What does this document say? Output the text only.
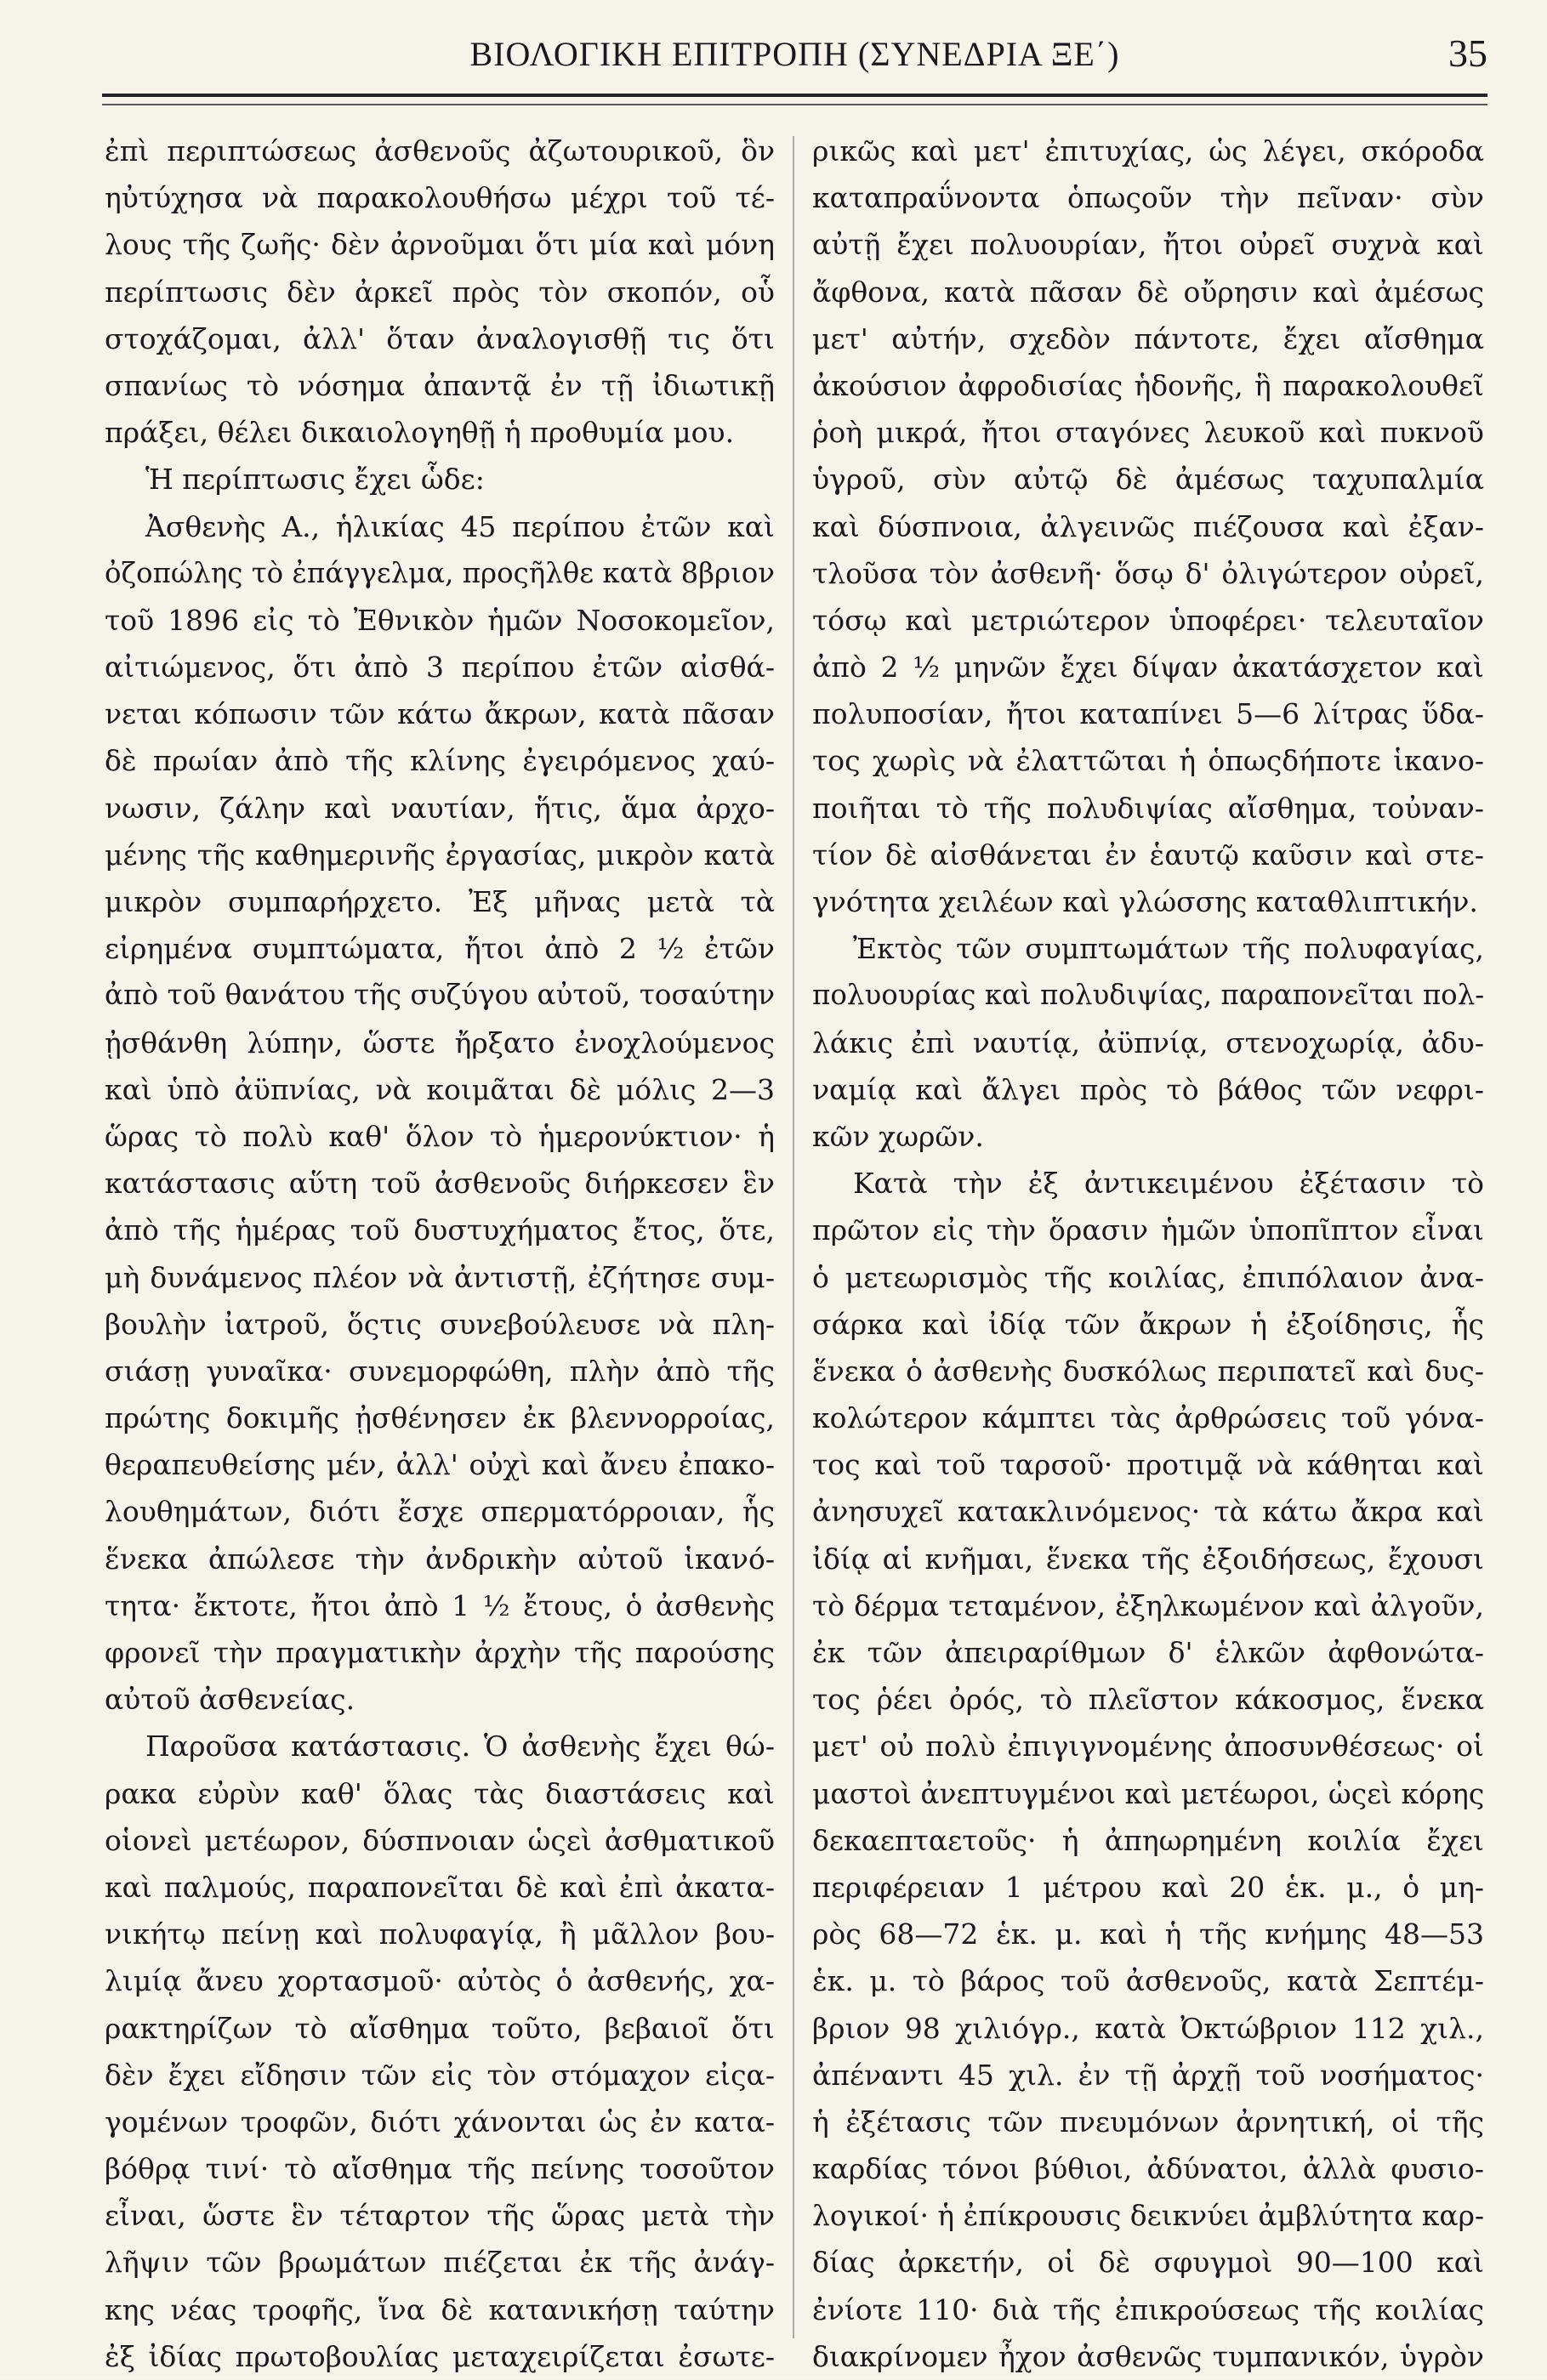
ΒΙΟΛΟΓΙΚΗ ΕΠΙΤΡΟΠΗ (ΣΥΝΕΔΡΙΑ ΞΕ΄)	35
ἐπὶ περιπτώσεως ἀσθενοῦς ἀζωτουρικοῦ, ὃν
ηὐτύχησα νὰ παρακολουθήσω μέχρι τοῦ τέ-
λους τῆς ζωῆς· δὲν ἀρνοῦμαι ὅτι μία καὶ μόνη
περίπτωσις δὲν ἀρκεῖ πρὸς τὸν σκοπόν, οὗ
στοχάζομαι, ἀλλ' ὅταν ἀναλογισθῇ τις ὅτι
σπανίως τὸ νόσημα ἀπαντᾷ ἐν τῇ ἰδιωτικῇ
πράξει, θέλει δικαιολογηθῇ ἡ προθυμία μου.
Ἡ περίπτωσις ἔχει ὧδε:
Ἀσθενὴς Α., ἡλικίας 45 περίπου ἐτῶν καὶ
ὀζοπώλης τὸ ἐπάγγελμα, προςῆλθε κατὰ 8βριον
τοῦ 1896 εἰς τὸ Ἐθνικὸν ἡμῶν Νοσοκομεῖον,
αἰτιώμενος, ὅτι ἀπὸ 3 περίπου ἐτῶν αἰσθά-
νεται κόπωσιν τῶν κάτω ἄκρων, κατὰ πᾶσαν
δὲ πρωίαν ἀπὸ τῆς κλίνης ἐγειρόμενος χαύ-
νωσιν, ζάλην καὶ ναυτίαν, ἥτις, ἅμα ἀρχο-
μένης τῆς καθημερινῆς ἐργασίας, μικρὸν κατὰ
μικρὸν συμπαρήρχετο. Ἐξ μῆνας μετὰ τὰ
εἰρημένα συμπτώματα, ἤτοι ἀπὸ 2 ½ ἐτῶν
ἀπὸ τοῦ θανάτου τῆς συζύγου αὐτοῦ, τοσαύτην
ᾐσθάνθη λύπην, ὥστε ἤρξατο ἐνοχλούμενος
καὶ ὑπὸ ἀϋπνίας, νὰ κοιμᾶται δὲ μόλις 2—3
ὥρας τὸ πολὺ καθ' ὅλον τὸ ἡμερονύκτιον· ἡ
κατάστασις αὕτη τοῦ ἀσθενοῦς διήρκεσεν ἓν
ἀπὸ τῆς ἡμέρας τοῦ δυστυχήματος ἔτος, ὅτε,
μὴ δυνάμενος πλέον νὰ ἀντιστῇ, ἐζήτησε συμ-
βουλὴν ἰατροῦ, ὅςτις συνεβούλευσε νὰ πλη-
σιάσῃ γυναῖκα· συνεμορφώθη, πλὴν ἀπὸ τῆς
πρώτης δοκιμῆς ᾐσθένησεν ἐκ βλεννορροίας,
θεραπευθείσης μέν, ἀλλ' οὐχὶ καὶ ἄνευ ἐπακο-
λουθημάτων, διότι ἔσχε σπερματόρροιαν, ἧς
ἕνεκα ἀπώλεσε τὴν ἀνδρικὴν αὐτοῦ ἱκανό-
τητα· ἔκτοτε, ἤτοι ἀπὸ 1 ½ ἔτους, ὁ ἀσθενὴς
φρονεῖ τὴν πραγματικὴν ἀρχὴν τῆς παρούσης
αὐτοῦ ἀσθενείας.
Παροῦσα κατάστασις. Ὁ ἀσθενὴς ἔχει θώ-
ρακα εὐρὺν καθ' ὅλας τὰς διαστάσεις καὶ
οἱονεὶ μετέωρον, δύσπνοιαν ὡςεὶ ἀσθματικοῦ
καὶ παλμούς, παραπονεῖται δὲ καὶ ἐπὶ ἀκατα-
νικήτῳ πείνῃ καὶ πολυφαγίᾳ, ἢ μᾶλλον βου-
λιμίᾳ ἄνευ χορτασμοῦ· αὐτὸς ὁ ἀσθενής, χα-
ρακτηρίζων τὸ αἴσθημα τοῦτο, βεβαιοῖ ὅτι
δὲν ἔχει εἴδησιν τῶν εἰς τὸν στόμαχον εἰςα-
γομένων τροφῶν, διότι χάνονται ὡς ἐν κατα-
βόθρᾳ τινί· τὸ αἴσθημα τῆς πείνης τοσοῦτον
εἶναι, ὥστε ἓν τέταρτον τῆς ὥρας μετὰ τὴν
λῆψιν τῶν βρωμάτων πιέζεται ἐκ τῆς ἀνάγ-
κης νέας τροφῆς, ἵνα δὲ κατανικήσῃ ταύτην
ἐξ ἰδίας πρωτοβουλίας μεταχειρίζεται ἐσωτε-
ρικῶς καὶ μετ' ἐπιτυχίας, ὡς λέγει, σκόροδα
καταπραΰνοντα ὁπωςοῦν τὴν πεῖναν· σὺν
αὐτῇ ἔχει πολυουρίαν, ἤτοι οὐρεῖ συχνὰ καὶ
ἄφθονα, κατὰ πᾶσαν δὲ οὔρησιν καὶ ἀμέσως
μετ' αὐτήν, σχεδὸν πάντοτε, ἔχει αἴσθημα
ἀκούσιον ἀφροδισίας ἡδονῆς, ἣ παρακολουθεῖ
ῥοὴ μικρά, ἤτοι σταγόνες λευκοῦ καὶ πυκνοῦ
ὑγροῦ, σὺν αὐτῷ δὲ ἀμέσως ταχυπαλμία
καὶ δύσπνοια, ἀλγεινῶς πιέζουσα καὶ ἐξαν-
τλοῦσα τὸν ἀσθενῆ· ὅσῳ δ' ὀλιγώτερον οὐρεῖ,
τόσῳ καὶ μετριώτερον ὑποφέρει· τελευταῖον
ἀπὸ 2 ½ μηνῶν ἔχει δίψαν ἀκατάσχετον καὶ
πολυποσίαν, ἤτοι καταπίνει 5—6 λίτρας ὕδα-
τος χωρὶς νὰ ἐλαττῶται ἡ ὁπωςδήποτε ἱκανο-
ποιῆται τὸ τῆς πολυδιψίας αἴσθημα, τοὐναν-
τίον δὲ αἰσθάνεται ἐν ἑαυτῷ καῦσιν καὶ στε-
γνότητα χειλέων καὶ γλώσσης καταθλιπτικήν.
Ἐκτὸς τῶν συμπτωμάτων τῆς πολυφαγίας,
πολυουρίας καὶ πολυδιψίας, παραπονεῖται πολ-
λάκις ἐπὶ ναυτίᾳ, ἀϋπνίᾳ, στενοχωρίᾳ, ἀδυ-
ναμίᾳ καὶ ἄλγει πρὸς τὸ βάθος τῶν νεφρι-
κῶν χωρῶν.
Κατὰ τὴν ἐξ ἀντικειμένου ἐξέτασιν τὸ
πρῶτον εἰς τὴν ὅρασιν ἡμῶν ὑποπῖπτον εἶναι
ὁ μετεωρισμὸς τῆς κοιλίας, ἐπιπόλαιον ἀνα-
σάρκα καὶ ἰδίᾳ τῶν ἄκρων ἡ ἐξοίδησις, ἧς
ἕνεκα ὁ ἀσθενὴς δυσκόλως περιπατεῖ καὶ δυς-
κολώτερον κάμπτει τὰς ἀρθρώσεις τοῦ γόνα-
τος καὶ τοῦ ταρσοῦ· προτιμᾷ νὰ κάθηται καὶ
ἀνησυχεῖ κατακλινόμενος· τὰ κάτω ἄκρα καὶ
ἰδίᾳ αἱ κνῆμαι, ἕνεκα τῆς ἐξοιδήσεως, ἔχουσι
τὸ δέρμα τεταμένον, ἐξηλκωμένον καὶ ἀλγοῦν,
ἐκ τῶν ἀπειραρίθμων δ' ἑλκῶν ἀφθονώτα-
τος ῥέει ὀρός, τὸ πλεῖστον κάκοσμος, ἕνεκα
μετ' οὐ πολὺ ἐπιγιγνομένης ἀποσυνθέσεως· οἱ
μαστοὶ ἀνεπτυγμένοι καὶ μετέωροι, ὡςεὶ κόρης
δεκαεπταετοῦς· ἡ ἀπηωρημένη κοιλία ἔχει
περιφέρειαν 1 μέτρου καὶ 20 ἑκ. μ., ὁ μη-
ρὸς 68—72 ἑκ. μ. καὶ ἡ τῆς κνήμης 48—53
ἑκ. μ. τὸ βάρος τοῦ ἀσθενοῦς, κατὰ Σεπτέμ-
βριον 98 χιλιόγρ., κατὰ Ὀκτώβριον 112 χιλ.,
ἀπέναντι 45 χιλ. ἐν τῇ ἀρχῇ τοῦ νοσήματος·
ἡ ἐξέτασις τῶν πνευμόνων ἀρνητική, οἱ τῆς
καρδίας τόνοι βύθιοι, ἀδύνατοι, ἀλλὰ φυσιο-
λογικοί· ἡ ἐπίκρουσις δεικνύει ἀμβλύτητα καρ-
δίας ἀρκετήν, οἱ δὲ σφυγμοὶ 90—100 καὶ
ἐνίοτε 110· διὰ τῆς ἐπικρούσεως τῆς κοιλίας
διακρίνομεν ἦχον ἀσθενῶς τυμπανικόν, ὑγρὸν
